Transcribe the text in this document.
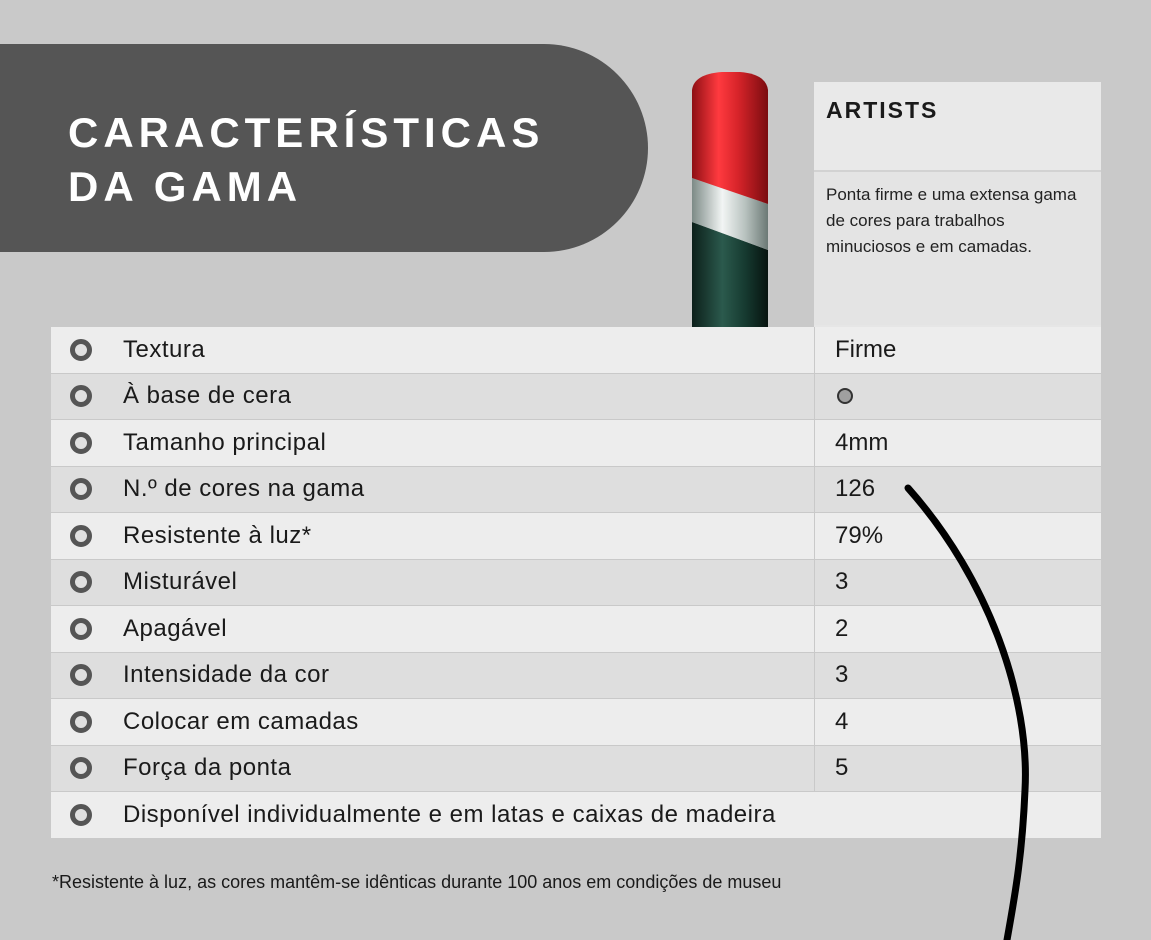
CARACTERÍSTICAS DA GAMA
ARTISTS
Ponta firme e uma extensa gama de cores para trabalhos minuciosos e em camadas.
Textura	Firme
À base de cera
Tamanho principal	4mm
N.º de cores na gama	126
Resistente à luz*	79%
Misturável	3
Apagável	2
Intensidade da cor	3
Colocar em camadas	4
Força da ponta	5
Disponível individualmente e em latas e caixas de madeira
*Resistente à luz, as cores mantêm-se idênticas durante 100 anos em condições de museu
